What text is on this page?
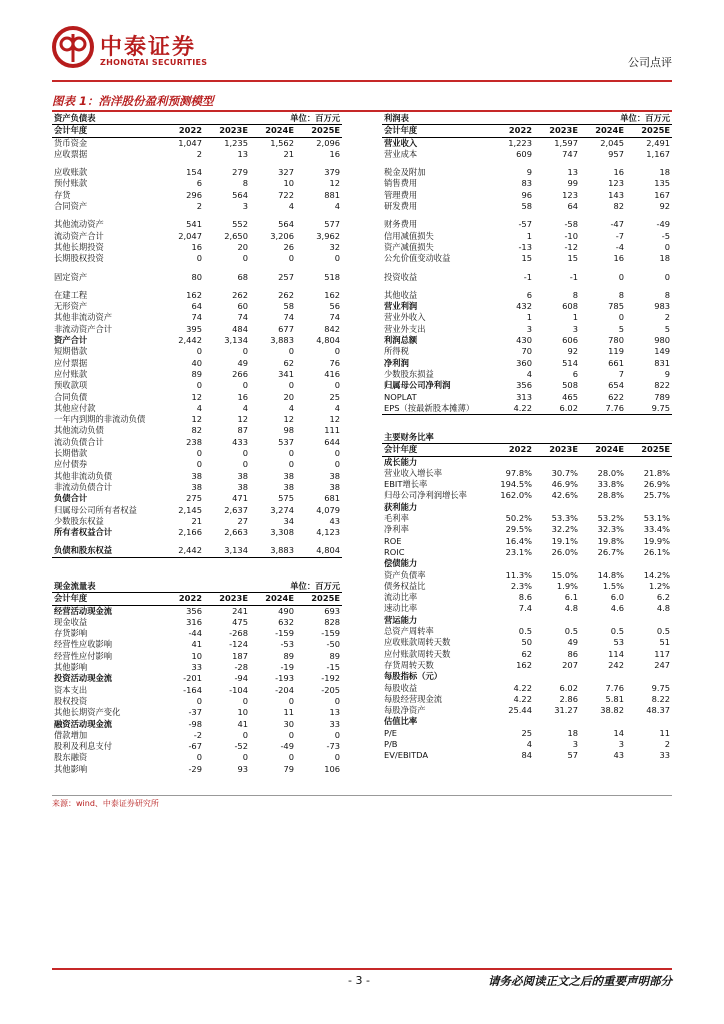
中泰证券
ZHONGTAI SECURITIES	公司点评
图表 1：浩洋股份盈利预测模型
资产负债表	单位：百万元			
会计年度	2022	2023E	2024E	2025E
货币资金	1,047	1,235	1,562	2,096
应收票据	2	13	21	16

应收账款	154	279	327	379
预付账款	6	8	10	12
存货	296	564	722	881
合同资产	2	3	4	4

其他流动资产	541	552	564	577
流动资产合计	2,047	2,650	3,206	3,962
其他长期投资	16	20	26	32
长期股权投资	0	0	0	0

固定资产	80	68	257	518

在建工程	162	262	262	162
无形资产	64	60	58	56
其他非流动资产	74	74	74	74
非流动资产合计	395	484	677	842
资产合计	2,442	3,134	3,883	4,804
短期借款	0	0	0	0
应付票据	40	49	62	76
应付账款	89	266	341	416
预收款项	0	0	0	0
合同负债	12	16	20	25
其他应付款	4	4	4	4
一年内到期的非流动负债	12	12	12	12
其他流动负债	82	87	98	111
流动负债合计	238	433	537	644
长期借款	0	0	0	0
应付债券	0	0	0	0
其他非流动负债	38	38	38	38
非流动负债合计	38	38	38	38
负债合计	275	471	575	681
归属母公司所有者权益	2,145	2,637	3,274	4,079
少数股东权益	21	27	34	43
所有者权益合计	2,166	2,663	3,308	4,123

负债和股东权益	2,442	3,134	3,883	4,804
利润表	单位：百万元			
会计年度	2022	2023E	2024E	2025E
营业收入	1,223	1,597	2,045	2,491
营业成本	609	747	957	1,167

税金及附加	9	13	16	18
销售费用	83	99	123	135
管理费用	96	123	143	167
研发费用	58	64	82	92

财务费用	-57	-58	-47	-49
信用减值损失	1	-10	-7	-5
资产减值损失	-13	-12	-4	0
公允价值变动收益	15	15	16	18

投资收益	-1	-1	0	0

其他收益	6	8	8	8
营业利润	432	608	785	983
营业外收入	1	1	0	2
营业外支出	3	3	5	5
利润总额	430	606	780	980
所得税	70	92	119	149
净利润	360	514	661	831
少数股东损益	4	6	7	9
归属母公司净利润	356	508	654	822
NOPLAT	313	465	622	789
EPS（按最新股本摊薄）	4.22	6.02	7.76	9.75
主要财务比率				
会计年度	2022	2023E	2024E	2025E
成长能力				
营业收入增长率	97.8%	30.7%	28.0%	21.8%
EBIT增长率	194.5%	46.9%	33.8%	26.9%
归母公司净利润增长率	162.0%	42.6%	28.8%	25.7%
获利能力				
毛利率	50.2%	53.3%	53.2%	53.1%
净利率	29.5%	32.2%	32.3%	33.4%
ROE	16.4%	19.1%	19.8%	19.9%
ROIC	23.1%	26.0%	26.7%	26.1%
偿债能力				
资产负债率	11.3%	15.0%	14.8%	14.2%
债务权益比	2.3%	1.9%	1.5%	1.2%
流动比率	8.6	6.1	6.0	6.2
速动比率	7.4	4.8	4.6	4.8
营运能力				
总资产周转率	0.5	0.5	0.5	0.5
应收账款周转天数	50	49	53	51
应付账款周转天数	62	86	114	117
存货周转天数	162	207	242	247
每股指标（元）				
每股收益	4.22	6.02	7.76	9.75
每股经营现金流	4.22	2.86	5.81	8.22
每股净资产	25.44	31.27	38.82	48.37
估值比率				
P/E	25	18	14	11
P/B	4	3	3	2
EV/EBITDA	84	57	43	33
现金流量表	单位：百万元			
会计年度	2022	2023E	2024E	2025E
经营活动现金流	356	241	490	693
现金收益	316	475	632	828
存货影响	-44	-268	-159	-159
经营性应收影响	41	-124	-53	-50
经营性应付影响	10	187	89	89
其他影响	33	-28	-19	-15
投资活动现金流	-201	-94	-193	-192
资本支出	-164	-104	-204	-205
股权投资	0	0	0	0
其他长期资产变化	-37	10	11	13
融资活动现金流	-98	41	30	33
借款增加	-2	0	0	0
股利及利息支付	-67	-52	-49	-73
股东融资	0	0	0	0
其他影响	-29	93	79	106
来源：wind、中泰证券研究所
- 3 -	请务必阅读正文之后的重要声明部分
